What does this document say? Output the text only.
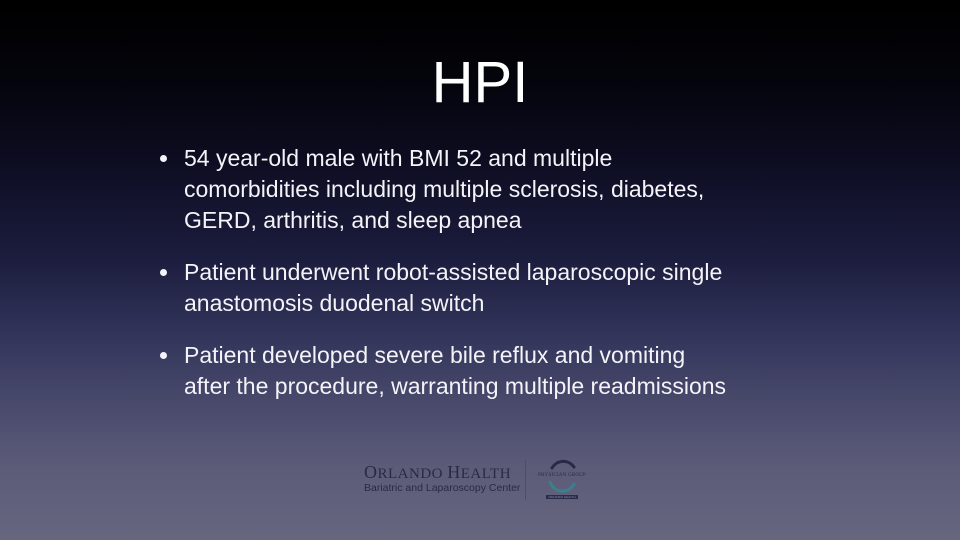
HPI
54 year-old male with BMI 52 and multiple
comorbidities including multiple sclerosis, diabetes,
GERD, arthritis, and sleep apnea
Patient underwent robot-assisted laparoscopic single
anastomosis duodenal switch
Patient developed severe bile reflux and vomiting
after the procedure, warranting multiple readmissions
ORLANDO HEALTH
Bariatric and Laparoscopy Center
PHYSICIAN GROUP
ORLANDO HEALTH
